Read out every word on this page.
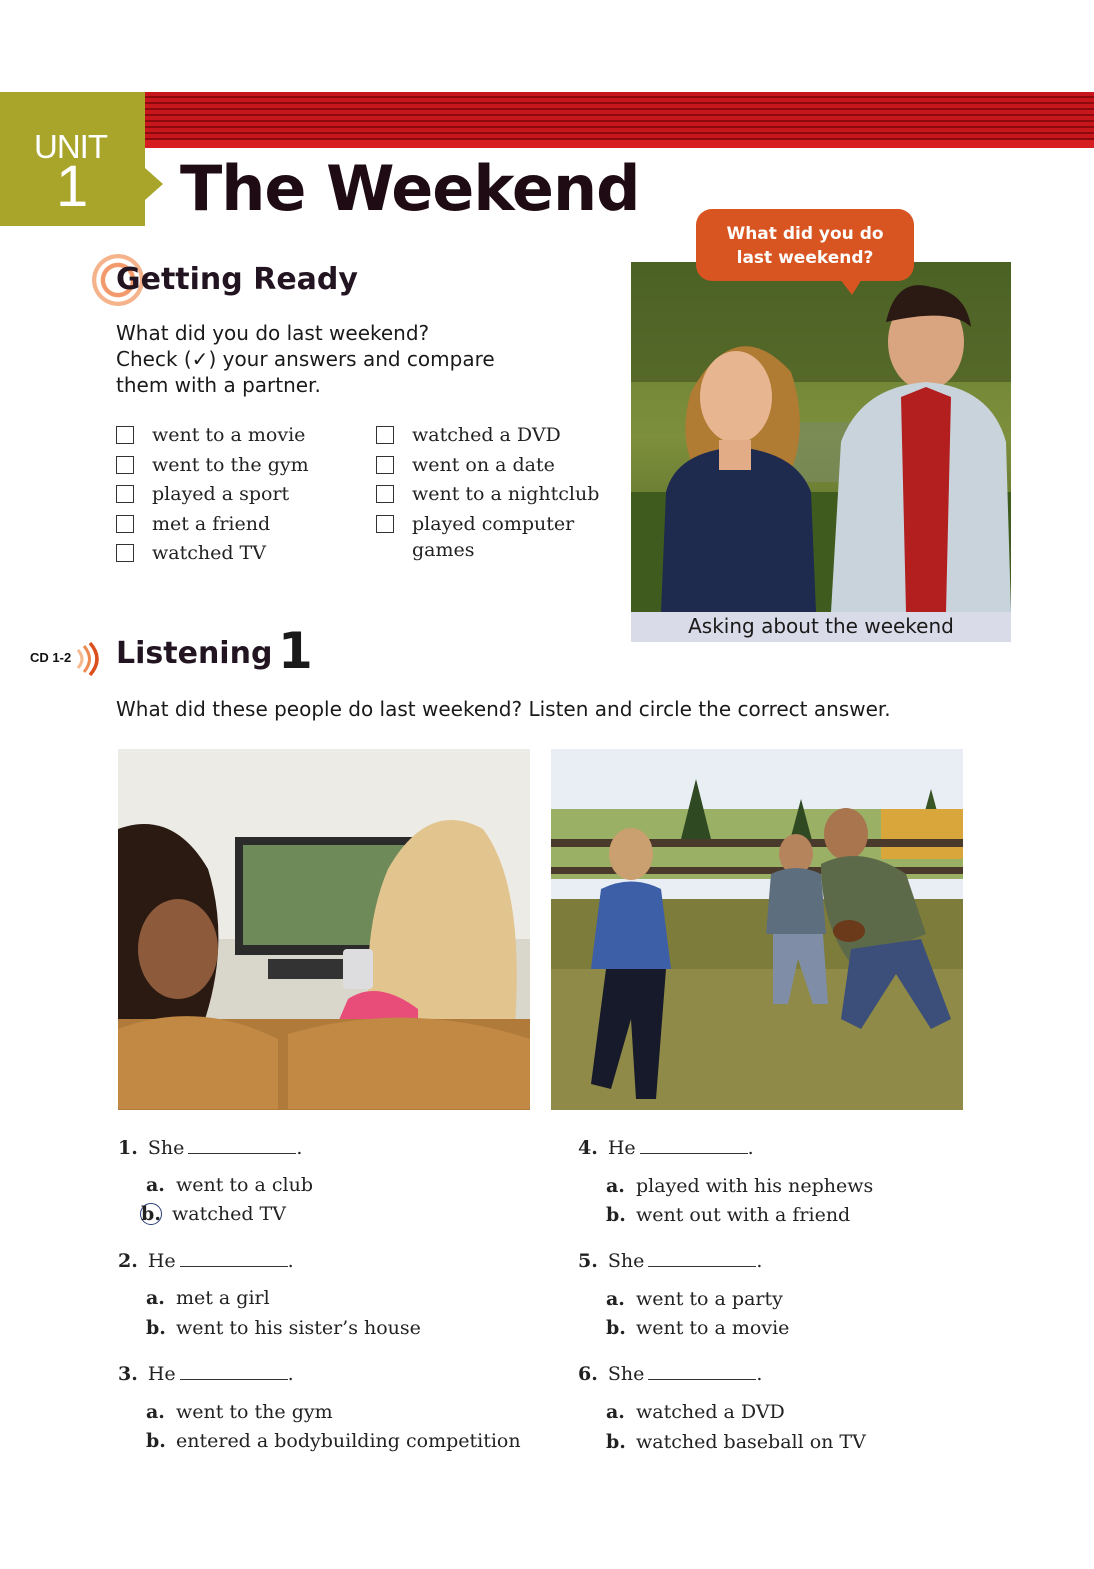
UNIT
1 The Weekend
Getting Ready
What did you do last weekend?
Check (✓) your answers and compare
them with a partner.
went to a movie
went to the gym
played a sport
met a friend
watched TV
watched a DVD
went on a date
went to a nightclub
played computer
games
Asking about the weekend
What did you do
last weekend?
CD 1-2 Listening 1
What did these people do last weekend? Listen and circle the correct answer.
1. She	.
a. went to a club
b. watched TV
2. He	.
a. met a girl
b. went to his sister’s house
3. He	.
a. went to the gym
b. entered a bodybuilding competition
4. He	.
a. played with his nephews
b. went out with a friend
5. She	.
a. went to a party
b. went to a movie
6. She	.
a. watched a DVD
b. watched baseball on TV
